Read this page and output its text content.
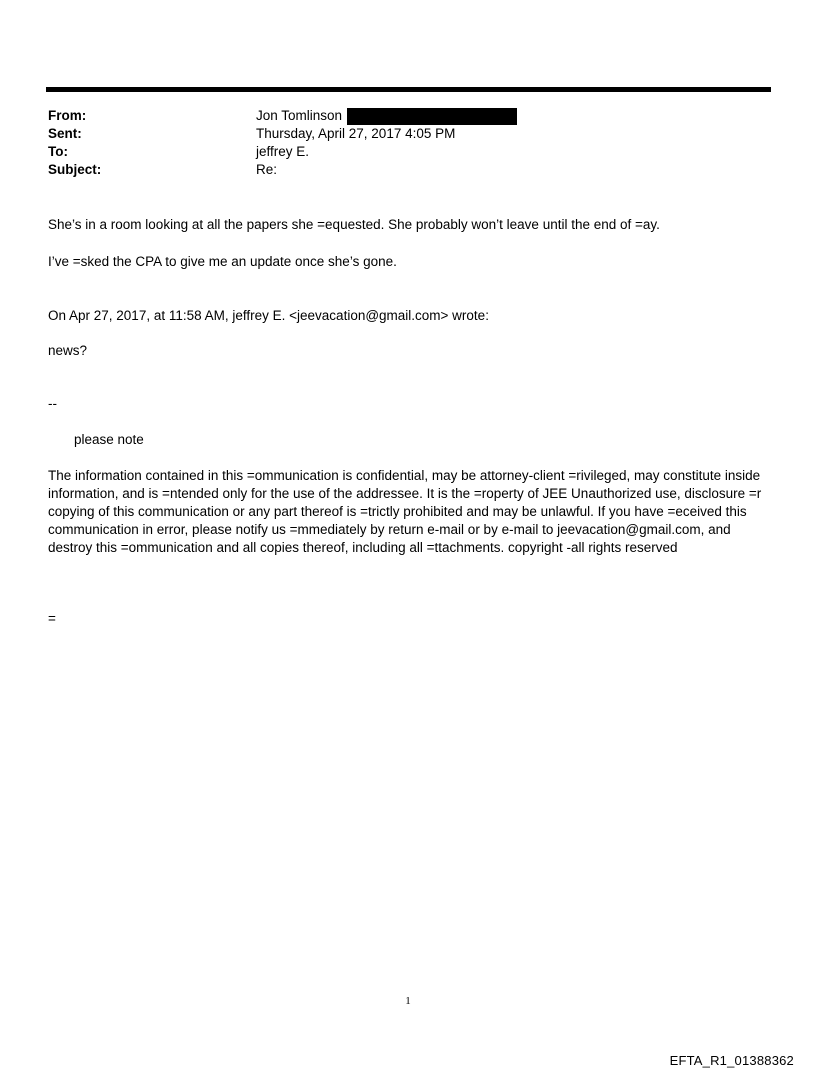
From:	Jon Tomlinson
Sent:	Thursday, April 27, 2017 4:05 PM
To:	jeffrey E.
Subject:	Re:
She’s in a room looking at all the papers she =equested. She probably won’t leave until the end of =ay.
I’ve =sked the CPA to give me an update once she’s gone.
On Apr 27, 2017, at 11:58 AM, jeffrey E. <jeevacation@gmail.com> wrote:
news?
--
please note
The information contained in this =ommunication is confidential, may be attorney-client =rivileged, may constitute inside information, and is =ntended only for the use of the addressee. It is the =roperty of JEE Unauthorized use, disclosure =r copying of this communication or any part thereof is =trictly prohibited and may be unlawful. If you have =eceived this communication in error, please notify us =mmediately by return e-mail or by e-mail to jeevacation@gmail.com, and destroy this =ommunication and all copies thereof, including all =ttachments. copyright -all rights reserved
=
1
EFTA_R1_01388362
